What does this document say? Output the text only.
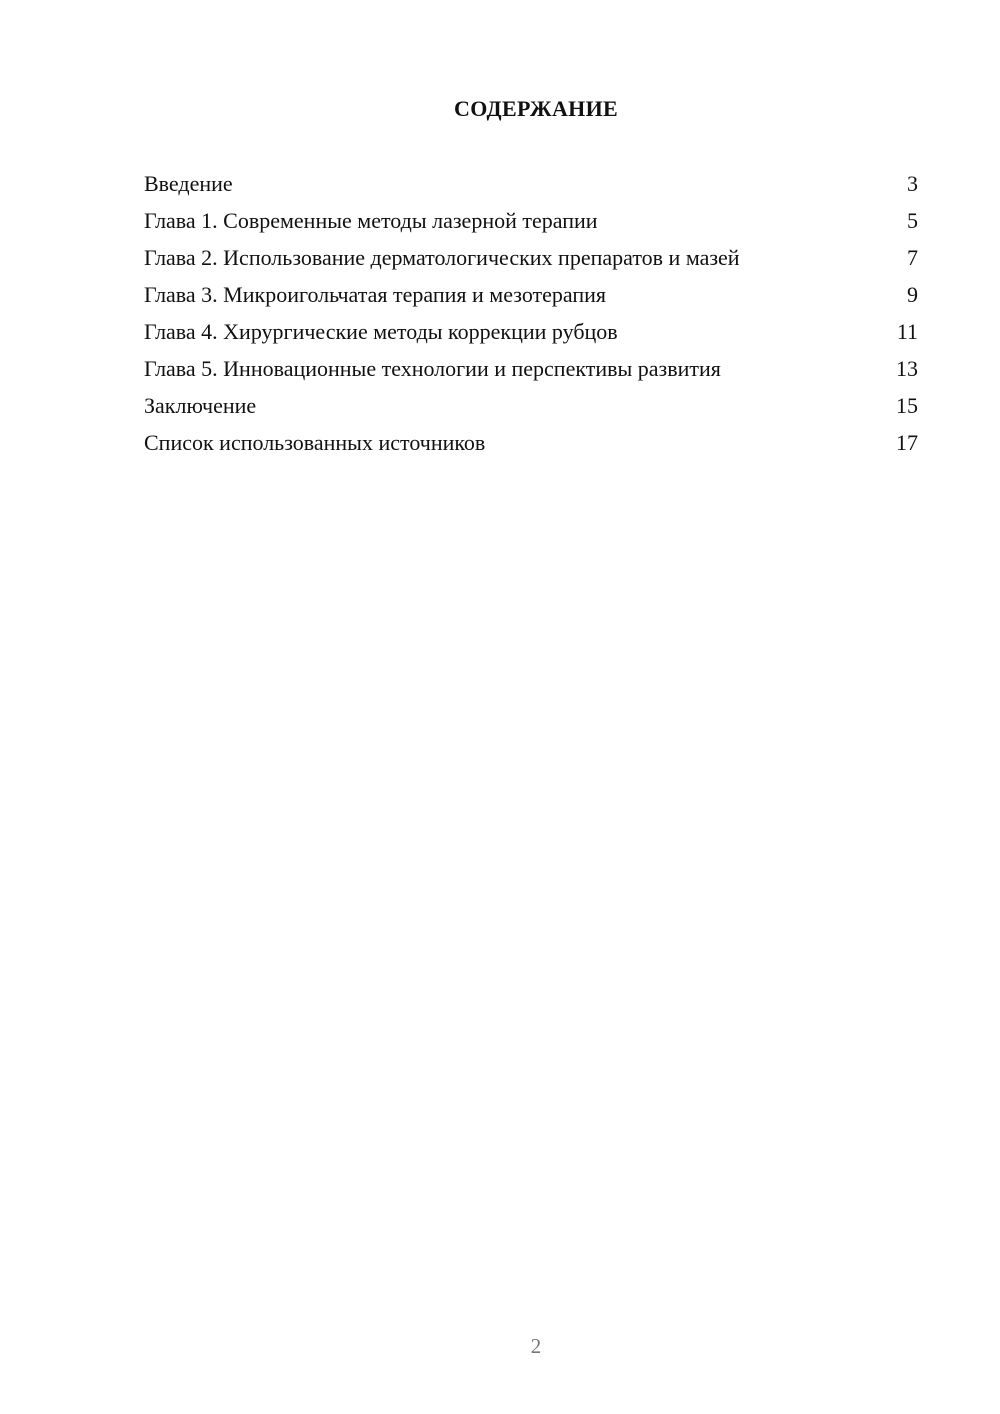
СОДЕРЖАНИЕ
Введение	3
Глава 1. Современные методы лазерной терапии	5
Глава 2. Использование дерматологических препаратов и мазей	7
Глава 3. Микроигольчатая терапия и мезотерапия	9
Глава 4. Хирургические методы коррекции рубцов	11
Глава 5. Инновационные технологии и перспективы развития	13
Заключение	15
Список использованных источников	17
2
